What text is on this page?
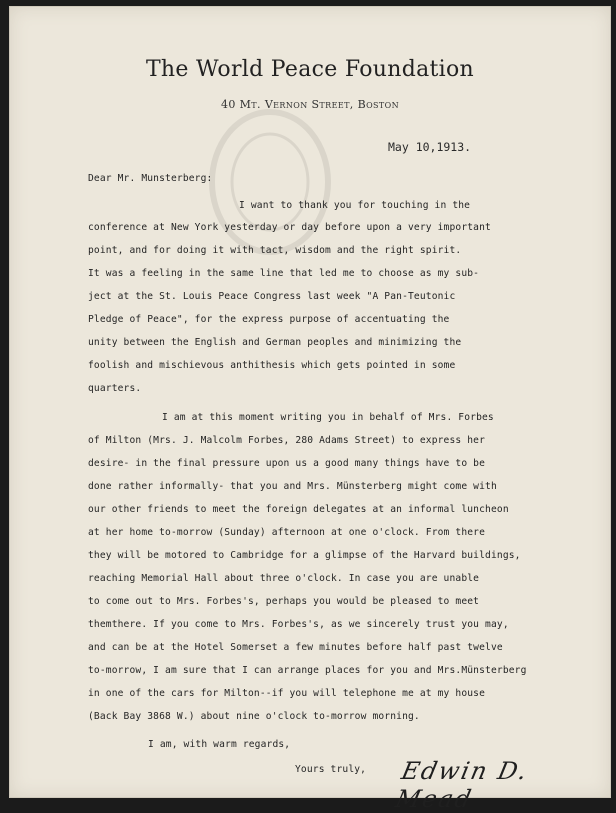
The World Peace Foundation
40 Mt. Vernon Street, Boston
May 10,1913.
Dear Mr. Munsterberg:
I want to thank you for touching in the
conference at New York yesterday or day before upon a very important
point, and for doing it with tact, wisdom and the right spirit.
It was a feeling in the same line that led me to choose as my sub-
ject at the St. Louis Peace Congress last week "A Pan-Teutonic
Pledge of Peace", for the express purpose of accentuating the
unity between the English and German peoples and minimizing the
foolish and mischievous anthithesis which gets pointed in some
quarters.
I am at this moment writing you in behalf of Mrs. Forbes
of Milton (Mrs. J. Malcolm Forbes, 280 Adams Street) to express her
desire- in the final pressure upon us a good many things have to be
done rather informally- that you and Mrs. Münsterberg might come with
our other friends to meet the foreign delegates at an informal luncheon
at her home to-morrow (Sunday) afternoon at one o'clock. From there
they will be motored to Cambridge for a glimpse of the Harvard buildings,
reaching Memorial Hall about three o'clock. In case you are unable
to come out to Mrs. Forbes's, perhaps you would be pleased to meet
themthere. If you come to Mrs. Forbes's, as we sincerely trust you may,
and can be at the Hotel Somerset a few minutes before half past twelve
to-morrow, I am sure that I can arrange places for you and Mrs.Münsterberg
in one of the cars for Milton--if you will telephone me at my house
(Back Bay 3868 W.) about nine o'clock to-morrow morning.
I am, with warm regards,
Yours truly, Edwin D. Mead
